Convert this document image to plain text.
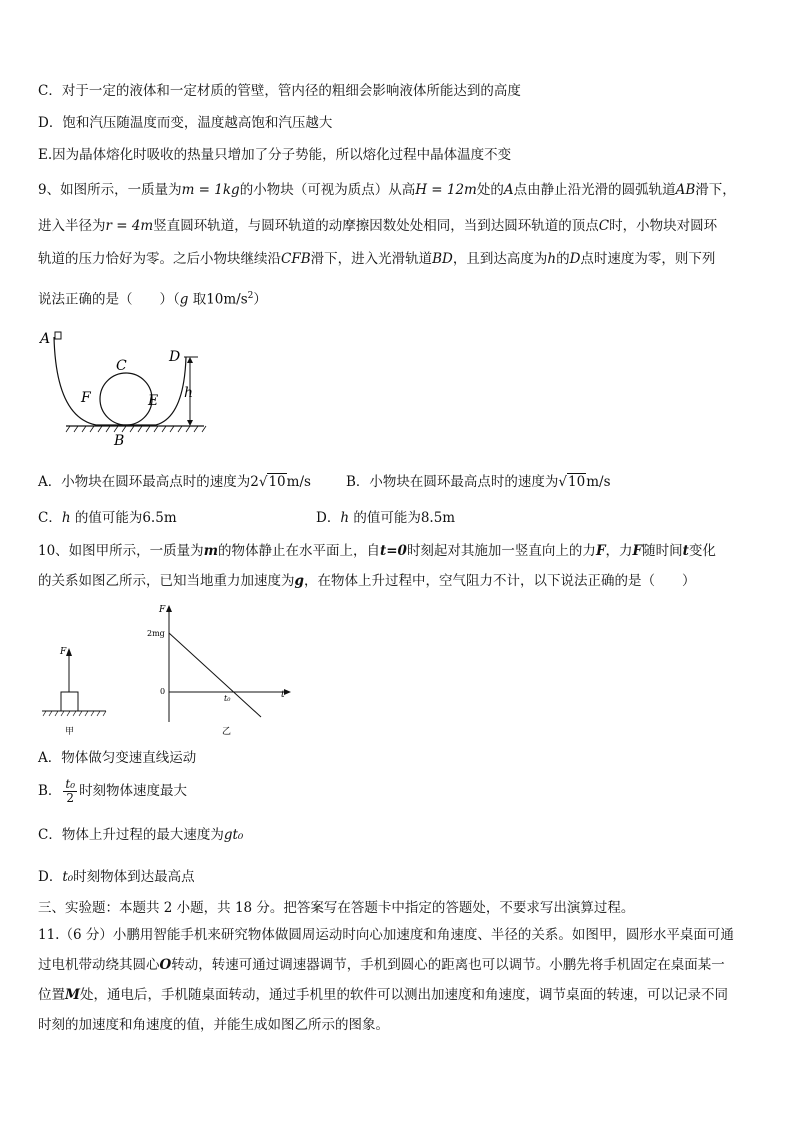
C．对于一定的液体和一定材质的管壁，管内径的粗细会影响液体所能达到的高度
D．饱和汽压随温度而变，温度越高饱和汽压越大
E.因为晶体熔化时吸收的热量只增加了分子势能，所以熔化过程中晶体温度不变
9、如图所示，一质量为m = 1kg的小物块（可视为质点）从高H = 12m处的A点由静止沿光滑的圆弧轨道AB滑下，
进入半径为r = 4m竖直圆环轨道，与圆环轨道的动摩擦因数处处相同，当到达圆环轨道的顶点C时，小物块对圆环
轨道的压力恰好为零。之后小物块继续沿CFB滑下，进入光滑轨道BD，且到达高度为h的D点时速度为零，则下列
说法正确的是（　　）（g 取$10m/s^2$）
A
C
D
F	E
B
h
A．小物块在圆环最高点时的速度为2√10m/s	B．小物块在圆环最高点时的速度为√10m/s
C．h 的值可能为6.5m	D．h 的值可能为8.5m
10、如图甲所示，一质量为m的物体静止在水平面上，自t=0时刻起对其施加一竖直向上的力F，力F随时间t变化
的关系如图乙所示，已知当地重力加速度为g，在物体上升过程中，空气阻力不计，以下说法正确的是（　　）
F
甲
F
2mg
0
t₀	t
乙
A．物体做匀变速直线运动
B． $\frac{\text{t₀}}{2}$ 时刻物体速度最大
C．物体上升过程的最大速度为gt₀
D．t₀时刻物体到达最高点
三、实验题：本题共 2 小题，共 18 分。把答案写在答题卡中指定的答题处，不要求写出演算过程。
11.（6 分）小鹏用智能手机来研究物体做圆周运动时向心加速度和角速度、半径的关系。如图甲，圆形水平桌面可通
过电机带动绕其圆心O转动，转速可通过调速器调节，手机到圆心的距离也可以调节。小鹏先将手机固定在桌面某一
位置M处，通电后，手机随桌面转动，通过手机里的软件可以测出加速度和角速度，调节桌面的转速，可以记录不同
时刻的加速度和角速度的值，并能生成如图乙所示的图象。
